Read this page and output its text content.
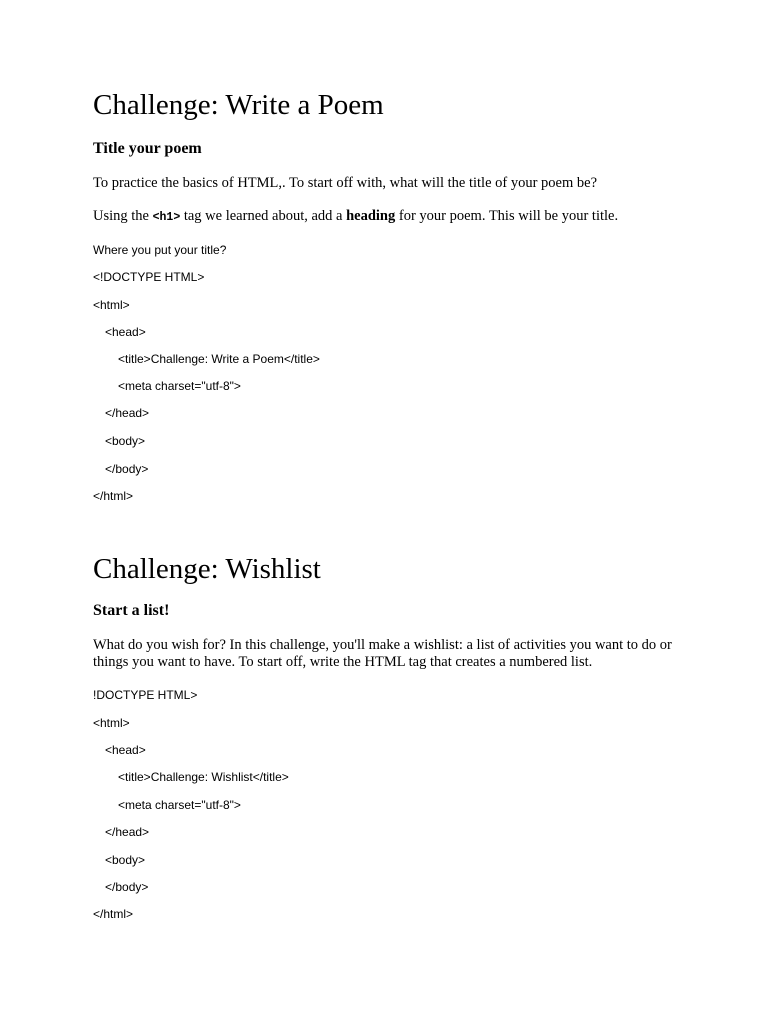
Challenge: Write a Poem
Title your poem
To practice the basics of HTML,. To start off with, what will the title of your poem be?
Using the <h1> tag we learned about, add a heading for your poem. This will be your title.
Where you put your title?
<!DOCTYPE HTML>
<html>
<head>
<title>Challenge: Write a Poem</title>
<meta charset="utf-8">
</head>
<body>
</body>
</html>
Challenge: Wishlist
Start a list!
What do you wish for? In this challenge, you'll make a wishlist: a list of activities you want to do or things you want to have. To start off, write the HTML tag that creates a numbered list.
!DOCTYPE HTML>
<html>
<head>
<title>Challenge: Wishlist</title>
<meta charset="utf-8">
</head>
<body>
</body>
</html>
